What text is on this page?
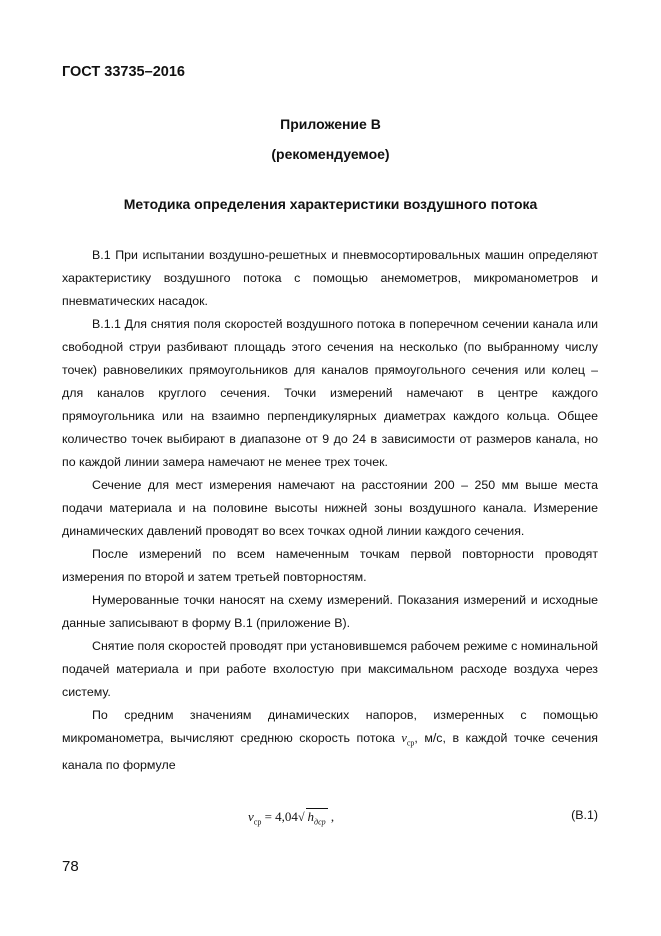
ГОСТ 33735–2016
Приложение В
(рекомендуемое)
Методика определения характеристики воздушного потока

В.1 При испытании воздушно-решетных и пневмосортировальных машин определяют характеристику воздушного потока с помощью анемометров, микроманометров и пневматических насадок.

В.1.1 Для снятия поля скоростей воздушного потока в поперечном сечении канала или свободной струи разбивают площадь этого сечения на несколько (по выбранному числу точек) равновеликих прямоугольников для каналов прямоугольного сечения или колец – для каналов круглого сечения. Точки измерений намечают в центре каждого прямоугольника или на взаимно перпендикулярных диаметрах каждого кольца. Общее количество точек выбирают в диапазоне от 9 до 24 в зависимости от размеров канала, но по каждой линии замера намечают не менее трех точек.

Сечение для мест измерения намечают на расстоянии 200 – 250 мм выше места подачи материала и на половине высоты нижней зоны воздушного канала. Измерение динамических давлений проводят во всех точках одной линии каждого сечения.

После измерений по всем намеченным точкам первой повторности проводят измерения по второй и затем третьей повторностям.

Нумерованные точки наносят на схему измерений. Показания измерений и исходные данные записывают в форму В.1 (приложение В).

Снятие поля скоростей проводят при установившемся рабочем режиме с номинальной подачей материала и при работе вхолостую при максимальном расходе воздуха через систему.

По средним значениям динамических напоров, измеренных с помощью микроманометра, вычисляют среднюю скорость потока $v_{ср}$, м/с, в каждой точке сечения канала по формуле

$v_{ср} = 4,04√$ $h_{дср}$ ,	(В.1)
78
